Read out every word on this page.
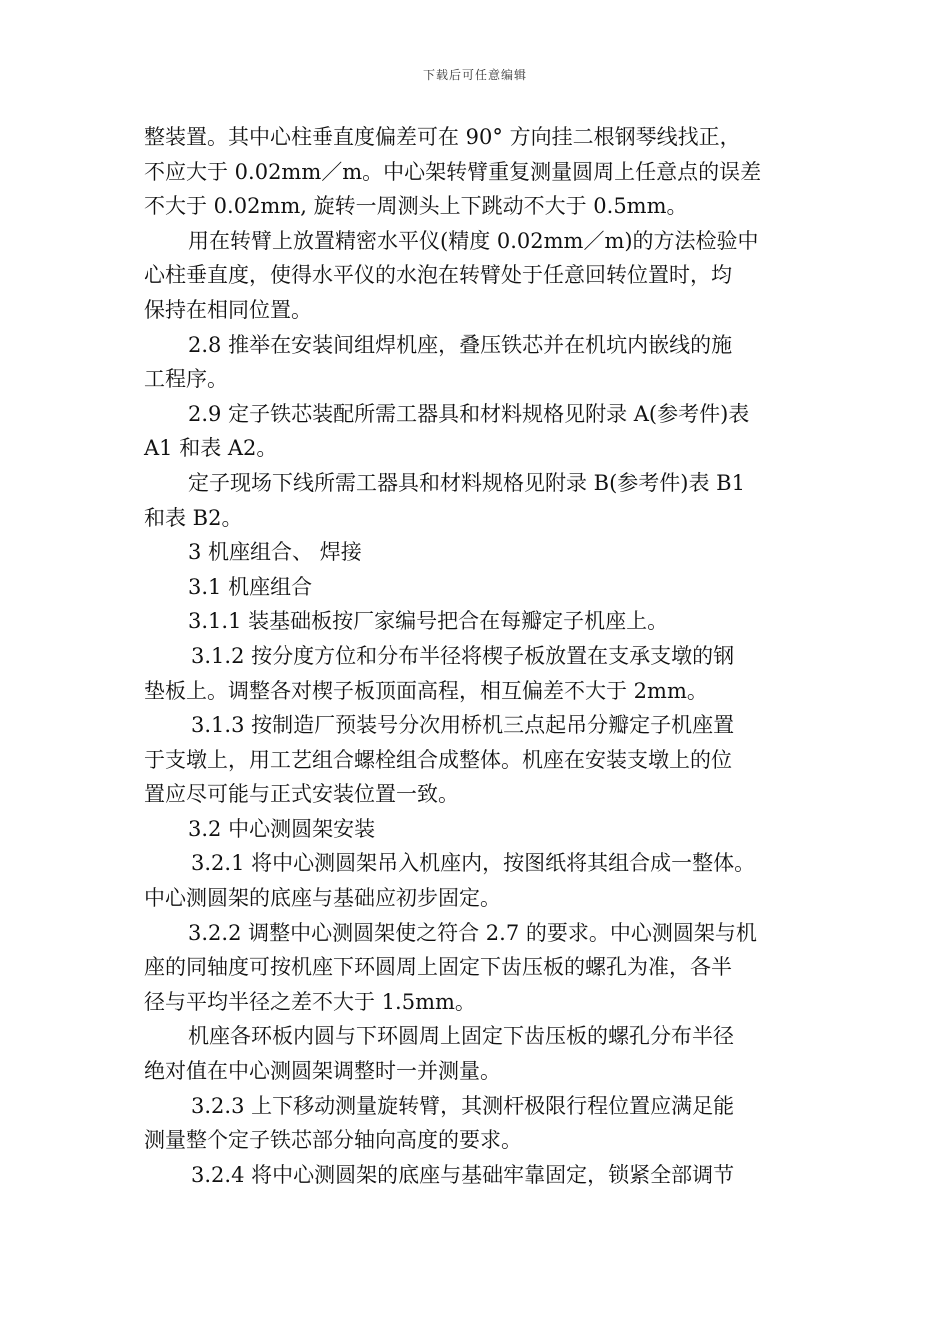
下载后可任意编辑
整装置。其中心柱垂直度偏差可在 90° 方向挂二根钢琴线找正，
不应大于 0.02mm／m。中心架转臂重复测量圆周上任意点的误差
不大于 0.02mm, 旋转一周测头上下跳动不大于 0.5mm。
用在转臂上放置精密水平仪(精度 0.02mm／m)的方法检验中
心柱垂直度，使得水平仪的水泡在转臂处于任意回转位置时，均
保持在相同位置。
2.8 推举在安装间组焊机座，叠压铁芯并在机坑内嵌线的施
工程序。
2.9 定子铁芯装配所需工器具和材料规格见附录 A(参考件)表
A1 和表 A2。
定子现场下线所需工器具和材料规格见附录 B(参考件)表 B1
和表 B2。
3 机座组合、 焊接
3.1 机座组合
3.1.1 装基础板按厂家编号把合在每瓣定子机座上。
3.1.2 按分度方位和分布半径将楔子板放置在支承支墩的钢
垫板上。调整各对楔子板顶面高程，相互偏差不大于 2mm。
3.1.3 按制造厂预装号分次用桥机三点起吊分瓣定子机座置
于支墩上，用工艺组合螺栓组合成整体。机座在安装支墩上的位
置应尽可能与正式安装位置一致。
3.2 中心测圆架安装
3.2.1 将中心测圆架吊入机座内，按图纸将其组合成一整体。
中心测圆架的底座与基础应初步固定。
3.2.2 调整中心测圆架使之符合 2.7 的要求。中心测圆架与机
座的同轴度可按机座下环圆周上固定下齿压板的螺孔为准，各半
径与平均半径之差不大于 1.5mm。
机座各环板内圆与下环圆周上固定下齿压板的螺孔分布半径
绝对值在中心测圆架调整时一并测量。
3.2.3 上下移动测量旋转臂，其测杆极限行程位置应满足能
测量整个定子铁芯部分轴向高度的要求。
3.2.4 将中心测圆架的底座与基础牢靠固定，锁紧全部调节
